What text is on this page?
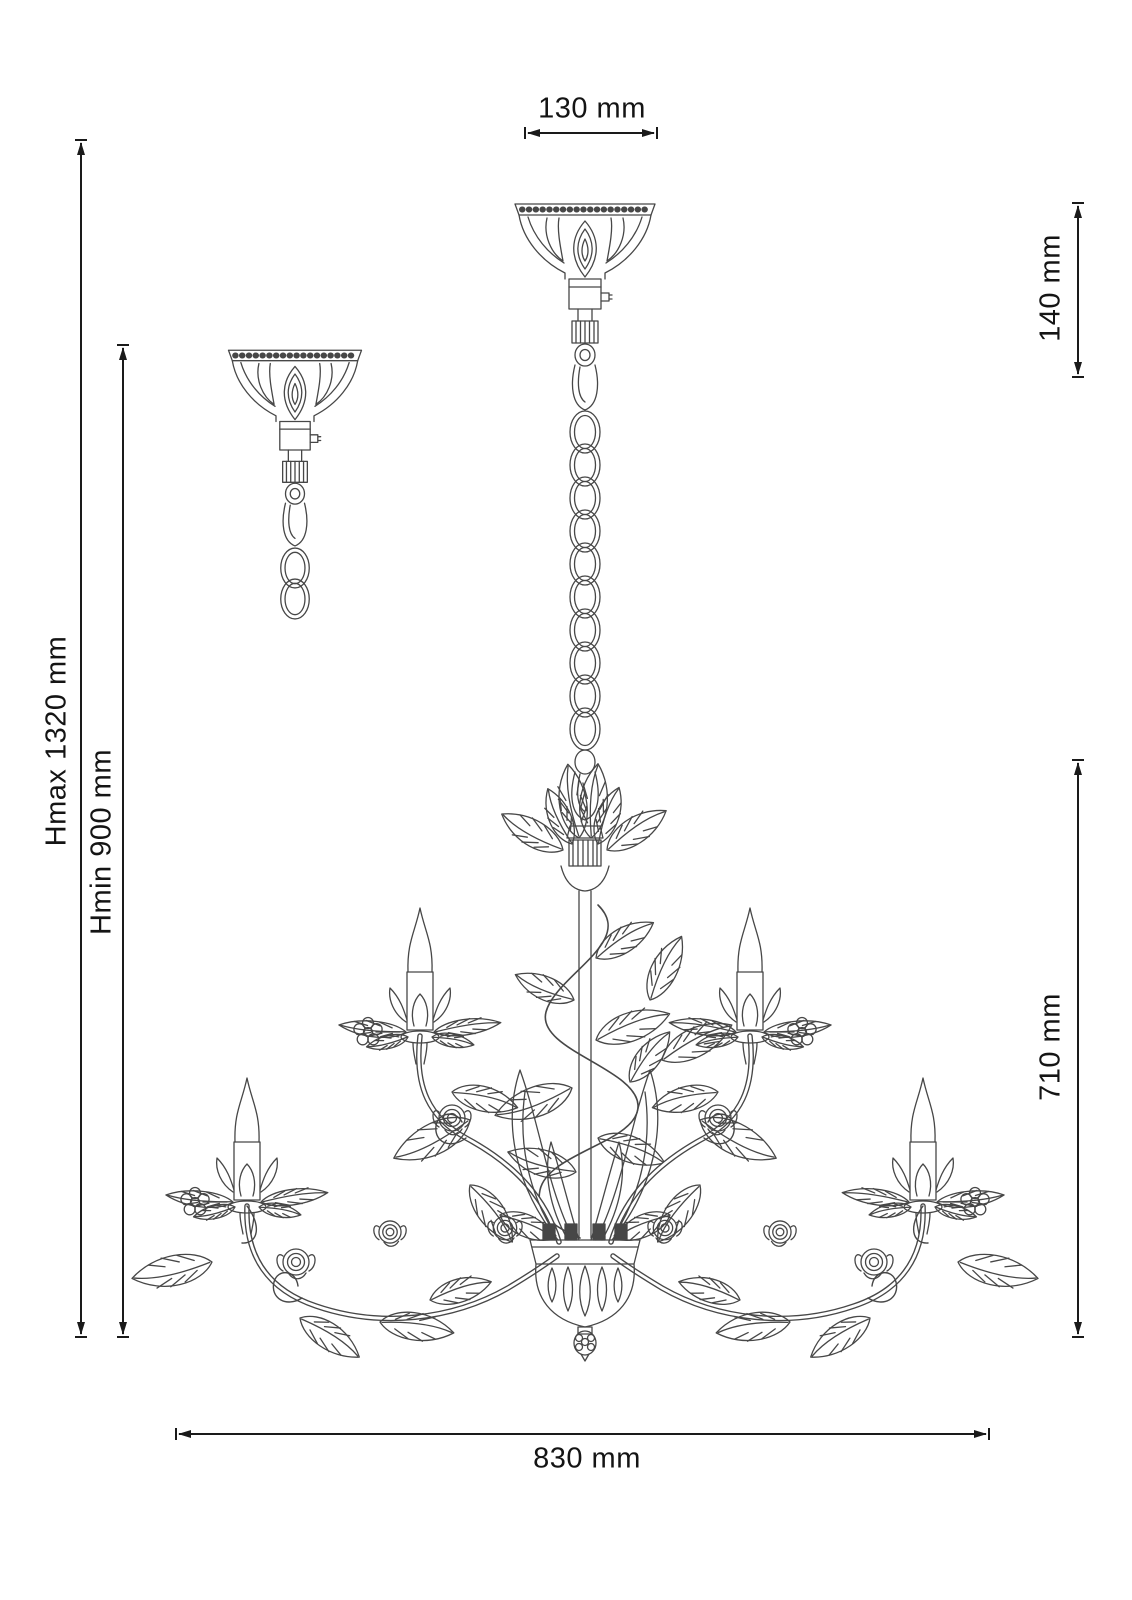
130 mm
140 mm
Hmax 1320 mm Hmin 900 mm
710 mm
830 mm
